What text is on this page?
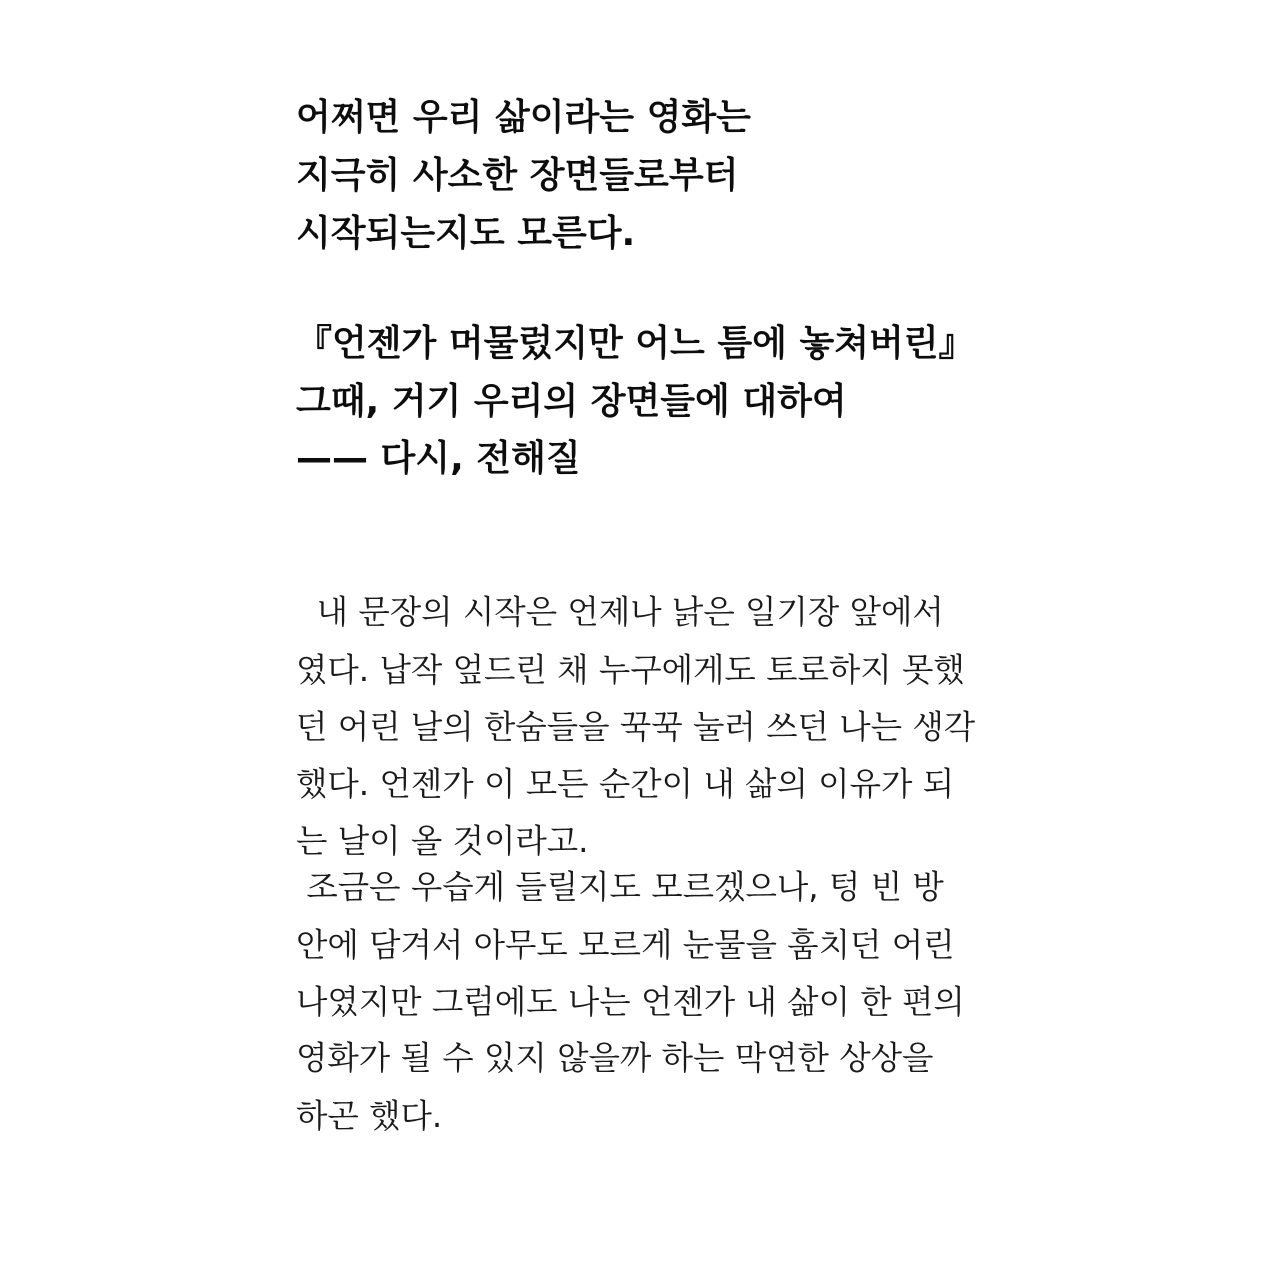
어쩌면 우리 삶이라는 영화는

지극히 사소한 장면들로부터

시작되는지도 모른다.

『언젠가 머물렀지만 어느 틈에 놓쳐버린』

그때, 거기 우리의 장면들에 대하여

—— 다시, 전해질

내 문장의 시작은 언제나 낡은 일기장 앞에서

였다. 납작 엎드린 채 누구에게도 토로하지 못했

던 어린 날의 한숨들을 꾹꾹 눌러 쓰던 나는 생각

했다. 언젠가 이 모든 순간이 내 삶의 이유가 되

는 날이 올 것이라고.

조금은 우습게 들릴지도 모르겠으나, 텅 빈 방

안에 담겨서 아무도 모르게 눈물을 훔치던 어린

나였지만 그럼에도 나는 언젠가 내 삶이 한 편의

영화가 될 수 있지 않을까 하는 막연한 상상을

하곤 했다.
